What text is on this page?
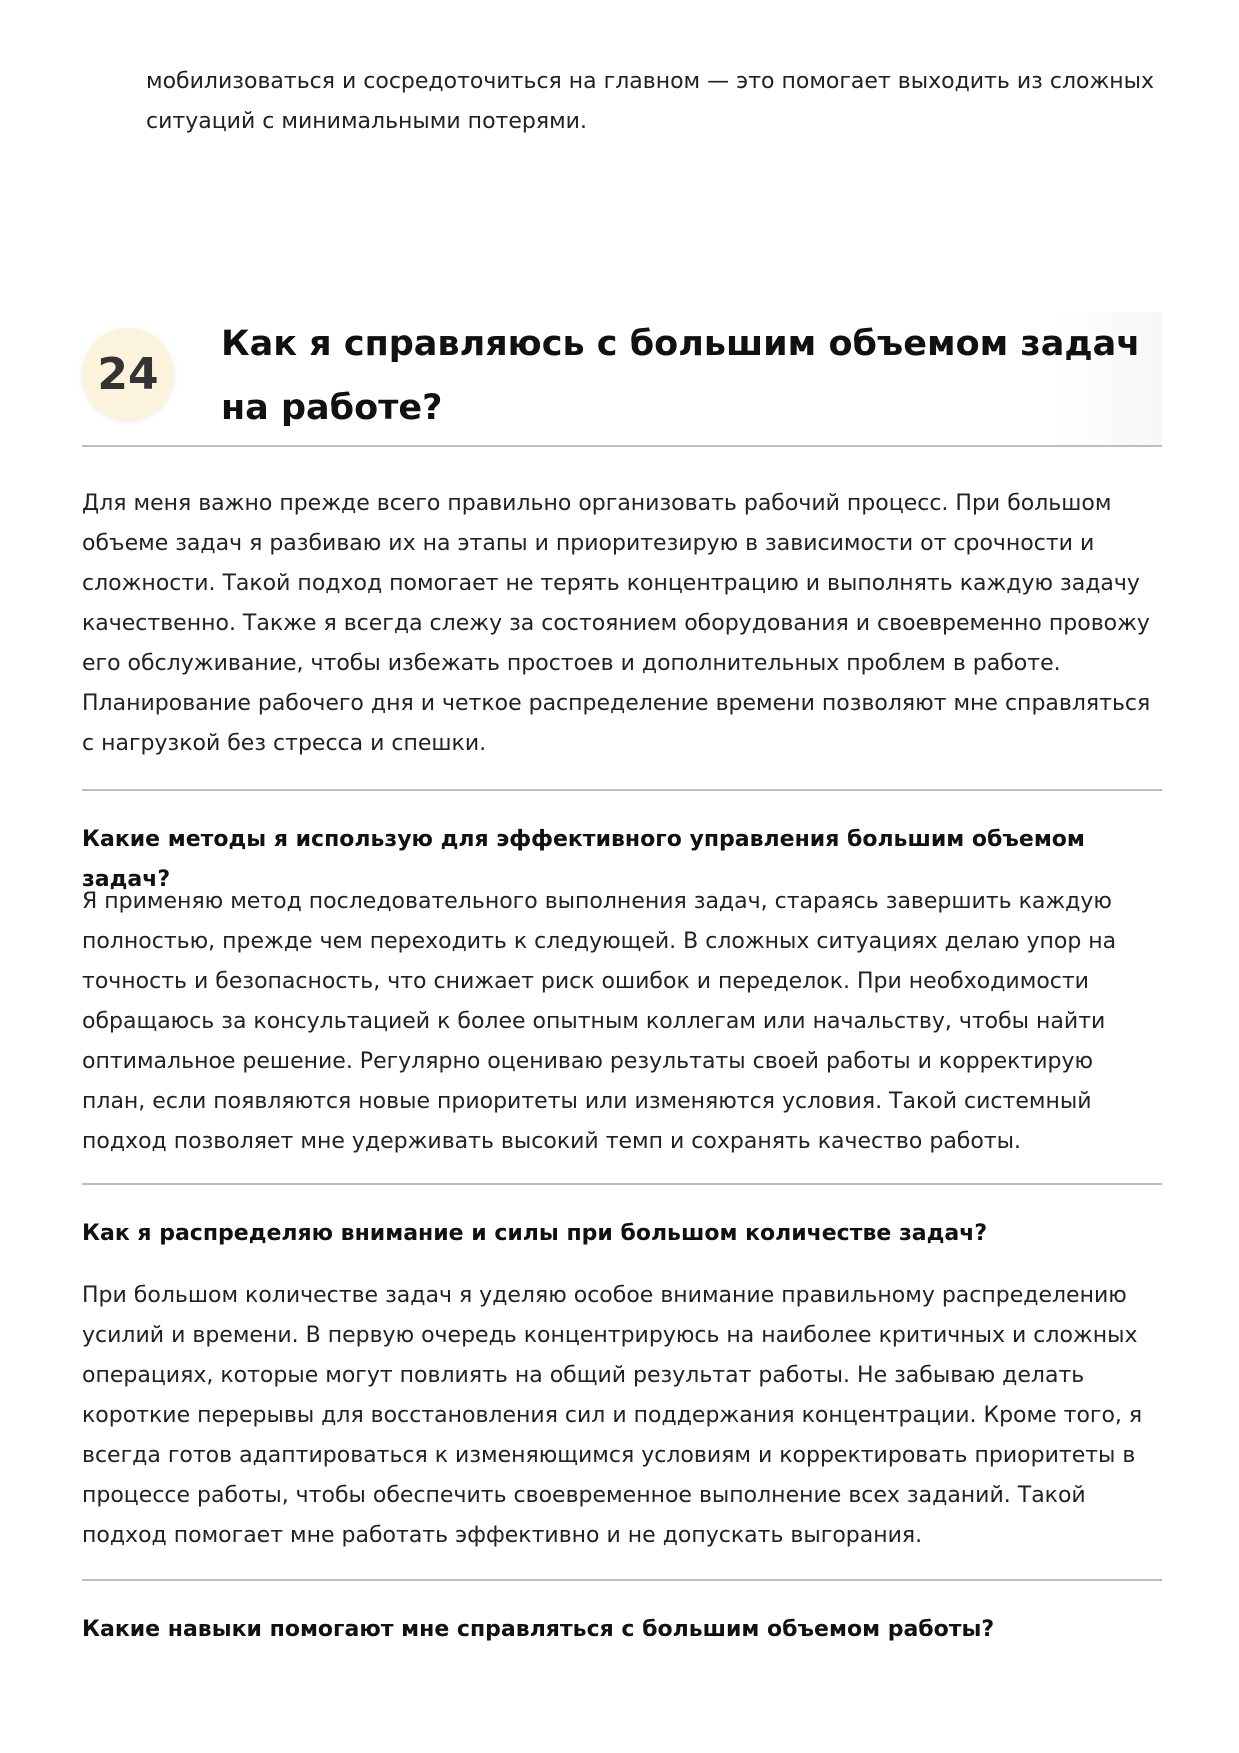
мобилизоваться и сосредоточиться на главном — это помогает выходить из сложных ситуаций с минимальными потерями.
24
Как я справляюсь с большим объемом задач на работе?
Для меня важно прежде всего правильно организовать рабочий процесс. При большом объеме задач я разбиваю их на этапы и приоритезирую в зависимости от срочности и сложности. Такой подход помогает не терять концентрацию и выполнять каждую задачу качественно. Также я всегда слежу за состоянием оборудования и своевременно провожу его обслуживание, чтобы избежать простоев и дополнительных проблем в работе. Планирование рабочего дня и четкое распределение времени позволяют мне справляться с нагрузкой без стресса и спешки.
Какие методы я использую для эффективного управления большим объемом задач?
Я применяю метод последовательного выполнения задач, стараясь завершить каждую полностью, прежде чем переходить к следующей. В сложных ситуациях делаю упор на точность и безопасность, что снижает риск ошибок и переделок. При необходимости обращаюсь за консультацией к более опытным коллегам или начальству, чтобы найти оптимальное решение. Регулярно оцениваю результаты своей работы и корректирую план, если появляются новые приоритеты или изменяются условия. Такой системный подход позволяет мне удерживать высокий темп и сохранять качество работы.
Как я распределяю внимание и силы при большом количестве задач?
При большом количестве задач я уделяю особое внимание правильному распределению усилий и времени. В первую очередь концентрируюсь на наиболее критичных и сложных операциях, которые могут повлиять на общий результат работы. Не забываю делать короткие перерывы для восстановления сил и поддержания концентрации. Кроме того, я всегда готов адаптироваться к изменяющимся условиям и корректировать приоритеты в процессе работы, чтобы обеспечить своевременное выполнение всех заданий. Такой подход помогает мне работать эффективно и не допускать выгорания.
Какие навыки помогают мне справляться с большим объемом работы?
